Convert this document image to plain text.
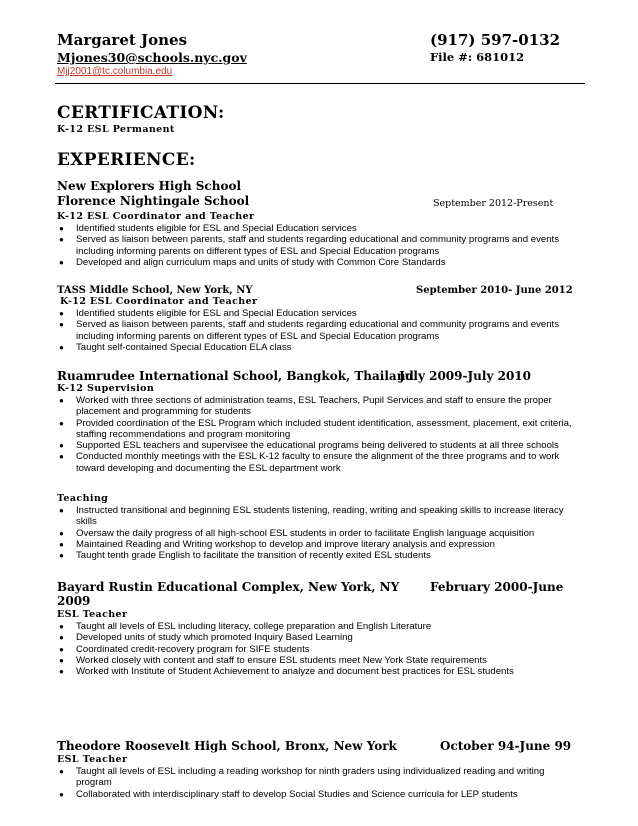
Margaret Jones	(917) 597-0132
Mjones30@schools.nyc.gov	File #: 681012
Mjj2001@tc.columbia.edu
CERTIFICATION:
K-12 ESL Permanent
EXPERIENCE:
New Explorers High School
Florence Nightingale School	September 2012-Present
K-12 ESL Coordinator and Teacher
● Identified students eligible for ESL and Special Education services
● Served as liaison between parents, staff and students regarding educational and community programs and events including informing parents on different types of ESL and Special Education programs
● Developed and align curriculum maps and units of study with Common Core Standards
TASS Middle School, New York, NY	September 2010- June 2012
K-12 ESL Coordinator and Teacher
● Identified students eligible for ESL and Special Education services
● Served as liaison between parents, staff and students regarding educational and community programs and events including informing parents on different types of ESL and Special Education programs
● Taught self-contained Special Education ELA class
Ruamrudee International School, Bangkok, Thailand
July 2009-July 2010
K-12 Supervision
● Worked with three sections of administration teams, ESL Teachers, Pupil Services and staff to ensure the proper placement and programming for students
● Provided coordination of the ESL Program which included student identification, assessment, placement, exit criteria, staffing recommendations and program monitoring
● Supported ESL teachers and supervisee the educational programs being delivered to students at all three schools
● Conducted monthly meetings with the ESL K-12 faculty to ensure the alignment of the three programs and to work toward developing and documenting the ESL department work
Teaching
● Instructed transitional and beginning ESL students listening, reading, writing and speaking skills to increase literacy skills
● Oversaw the daily progress of all high-school ESL students in order to facilitate English language acquisition
● Maintained Reading and Writing workshop to develop and improve literary analysis and expression
● Taught tenth grade English to facilitate the transition of recently exited ESL students
Bayard Rustin Educational Complex, New York, NY	February 2000-June
2009
ESL Teacher
● Taught all levels of ESL including literacy, college preparation and English Literature
● Developed units of study which promoted Inquiry Based Learning
● Coordinated credit-recovery program for SIFE students
● Worked closely with content and staff to ensure ESL students meet New York State requirements
● Worked with Institute of Student Achievement to analyze and document best practices for ESL students
Theodore Roosevelt High School, Bronx, New York	October 94-June 99
ESL Teacher
● Taught all levels of ESL including a reading workshop for ninth graders using individualized reading and writing program
● Collaborated with interdisciplinary staff to develop Social Studies and Science curricula for LEP students
